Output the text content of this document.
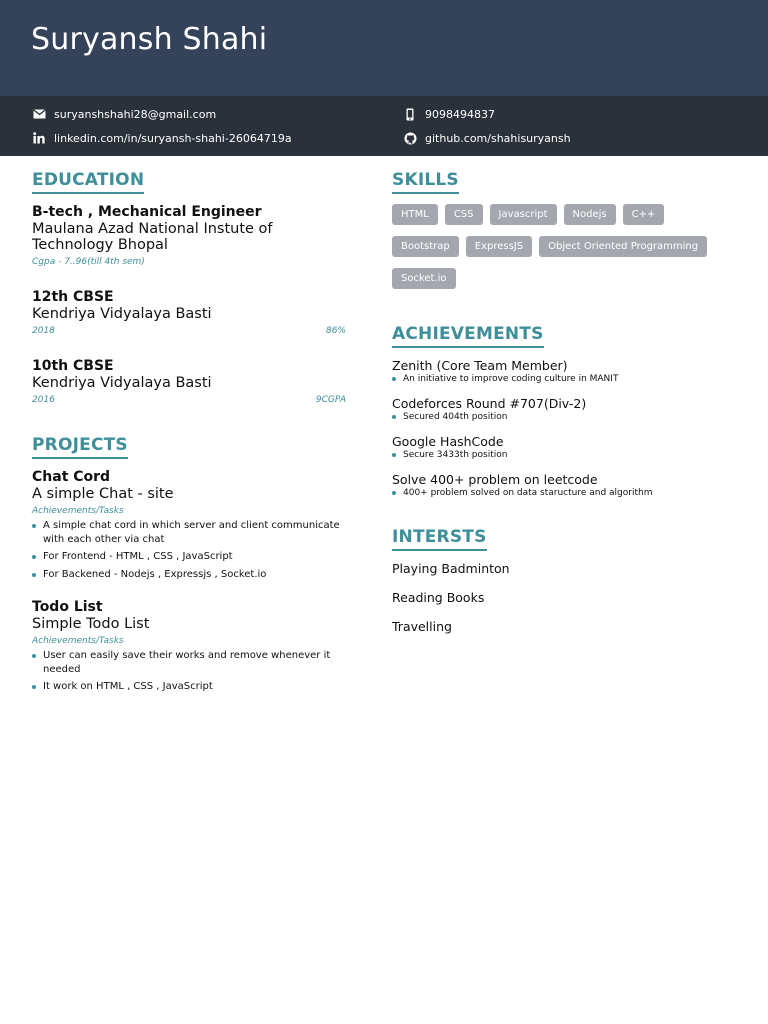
Suryansh Shahi
suryanshshahi28@gmail.com	9098494837
linkedin.com/in/suryansh-shahi-26064719a	github.com/shahisuryansh
EDUCATION
B-tech , Mechanical Engineer
Maulana Azad National Instute of Technology Bhopal
Cgpa - 7..96(till 4th sem)
12th CBSE
Kendriya Vidyalaya Basti
2018	86%
10th CBSE
Kendriya Vidyalaya Basti
2016	9CGPA
PROJECTS
Chat Cord
A simple Chat - site
Achievements/Tasks
A simple chat cord in which server and client communicate with each other via chat
For Frontend - HTML , CSS , JavaScript
For Backened - Nodejs , Expressjs , Socket.io
Todo List
Simple Todo List
Achievements/Tasks
User can easily save their works and remove whenever it needed
It work on HTML , CSS , JavaScript
SKILLS
HTML	CSS	Javascript	Nodejs	C++
Bootstrap	ExpressJS	Object Oriented Programming
Socket.io
ACHIEVEMENTS
Zenith (Core Team Member)
An initiative to improve coding culture in MANIT
Codeforces Round #707(Div-2)
Secured 404th position
Google HashCode
Secure 3433th position
Solve 400+ problem on leetcode
400+ problem solved on data staructure and algorithm
INTERSTS
Playing Badminton
Reading Books
Travelling
